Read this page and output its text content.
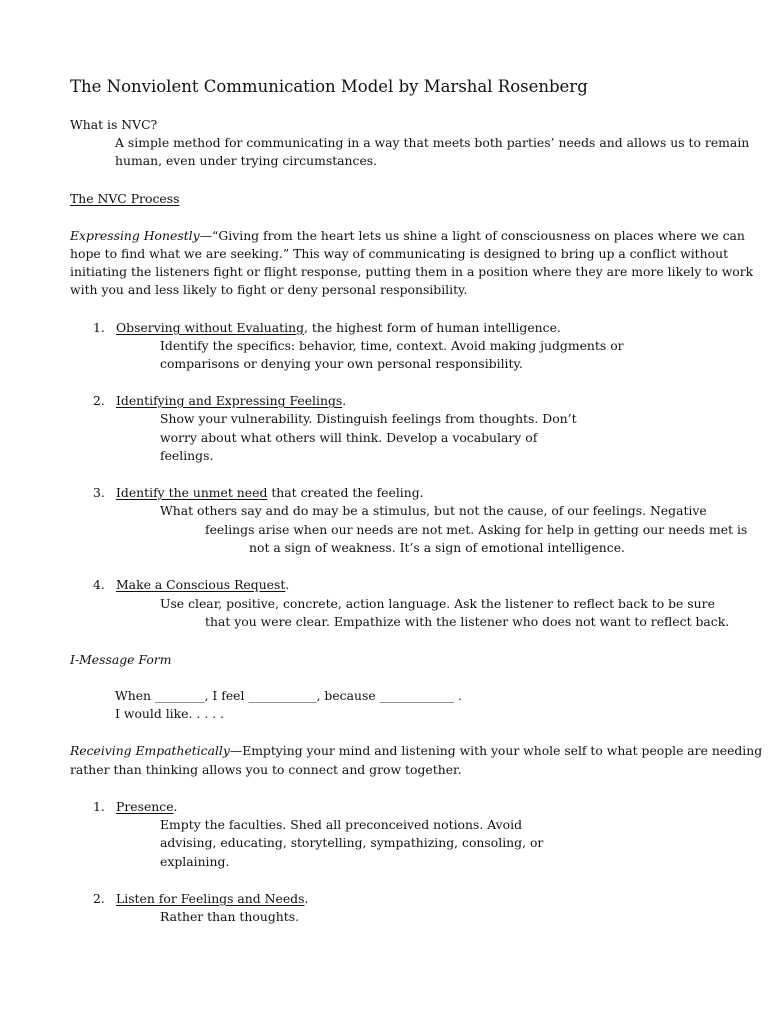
The Nonviolent Communication Model by Marshal Rosenberg
What is NVC?
A simple method for communicating in a way that meets both parties’ needs and allows us to remain
human, even under trying circumstances.
The NVC Process
Expressing Honestly—“Giving from the heart lets us shine a light of consciousness on places where we can
hope to find what we are seeking.” This way of communicating is designed to bring up a conflict without
initiating the listeners fight or flight response, putting them in a position where they are more likely to work
with you and less likely to fight or deny personal responsibility.
1. Observing without Evaluating, the highest form of human intelligence.
Identify the specifics: behavior, time, context. Avoid making judgments or
comparisons or denying your own personal responsibility.
2. Identifying and Expressing Feelings.
Show your vulnerability. Distinguish feelings from thoughts. Don’t
worry about what others will think. Develop a vocabulary of
feelings.
3. Identify the unmet need that created the feeling.
What others say and do may be a stimulus, but not the cause, of our feelings. Negative
feelings arise when our needs are not met. Asking for help in getting our needs met is
not a sign of weakness. It’s a sign of emotional intelligence.
4. Make a Conscious Request.
Use clear, positive, concrete, action language. Ask the listener to reflect back to be sure
that you were clear. Empathize with the listener who does not want to reflect back.
I-Message Form
When ________, I feel ___________, because ____________ .
I would like. . . . .
Receiving Empathetically—Emptying your mind and listening with your whole self to what people are needing
rather than thinking allows you to connect and grow together.
1. Presence.
Empty the faculties. Shed all preconceived notions. Avoid
advising, educating, storytelling, sympathizing, consoling, or
explaining.
2. Listen for Feelings and Needs.
Rather than thoughts.
